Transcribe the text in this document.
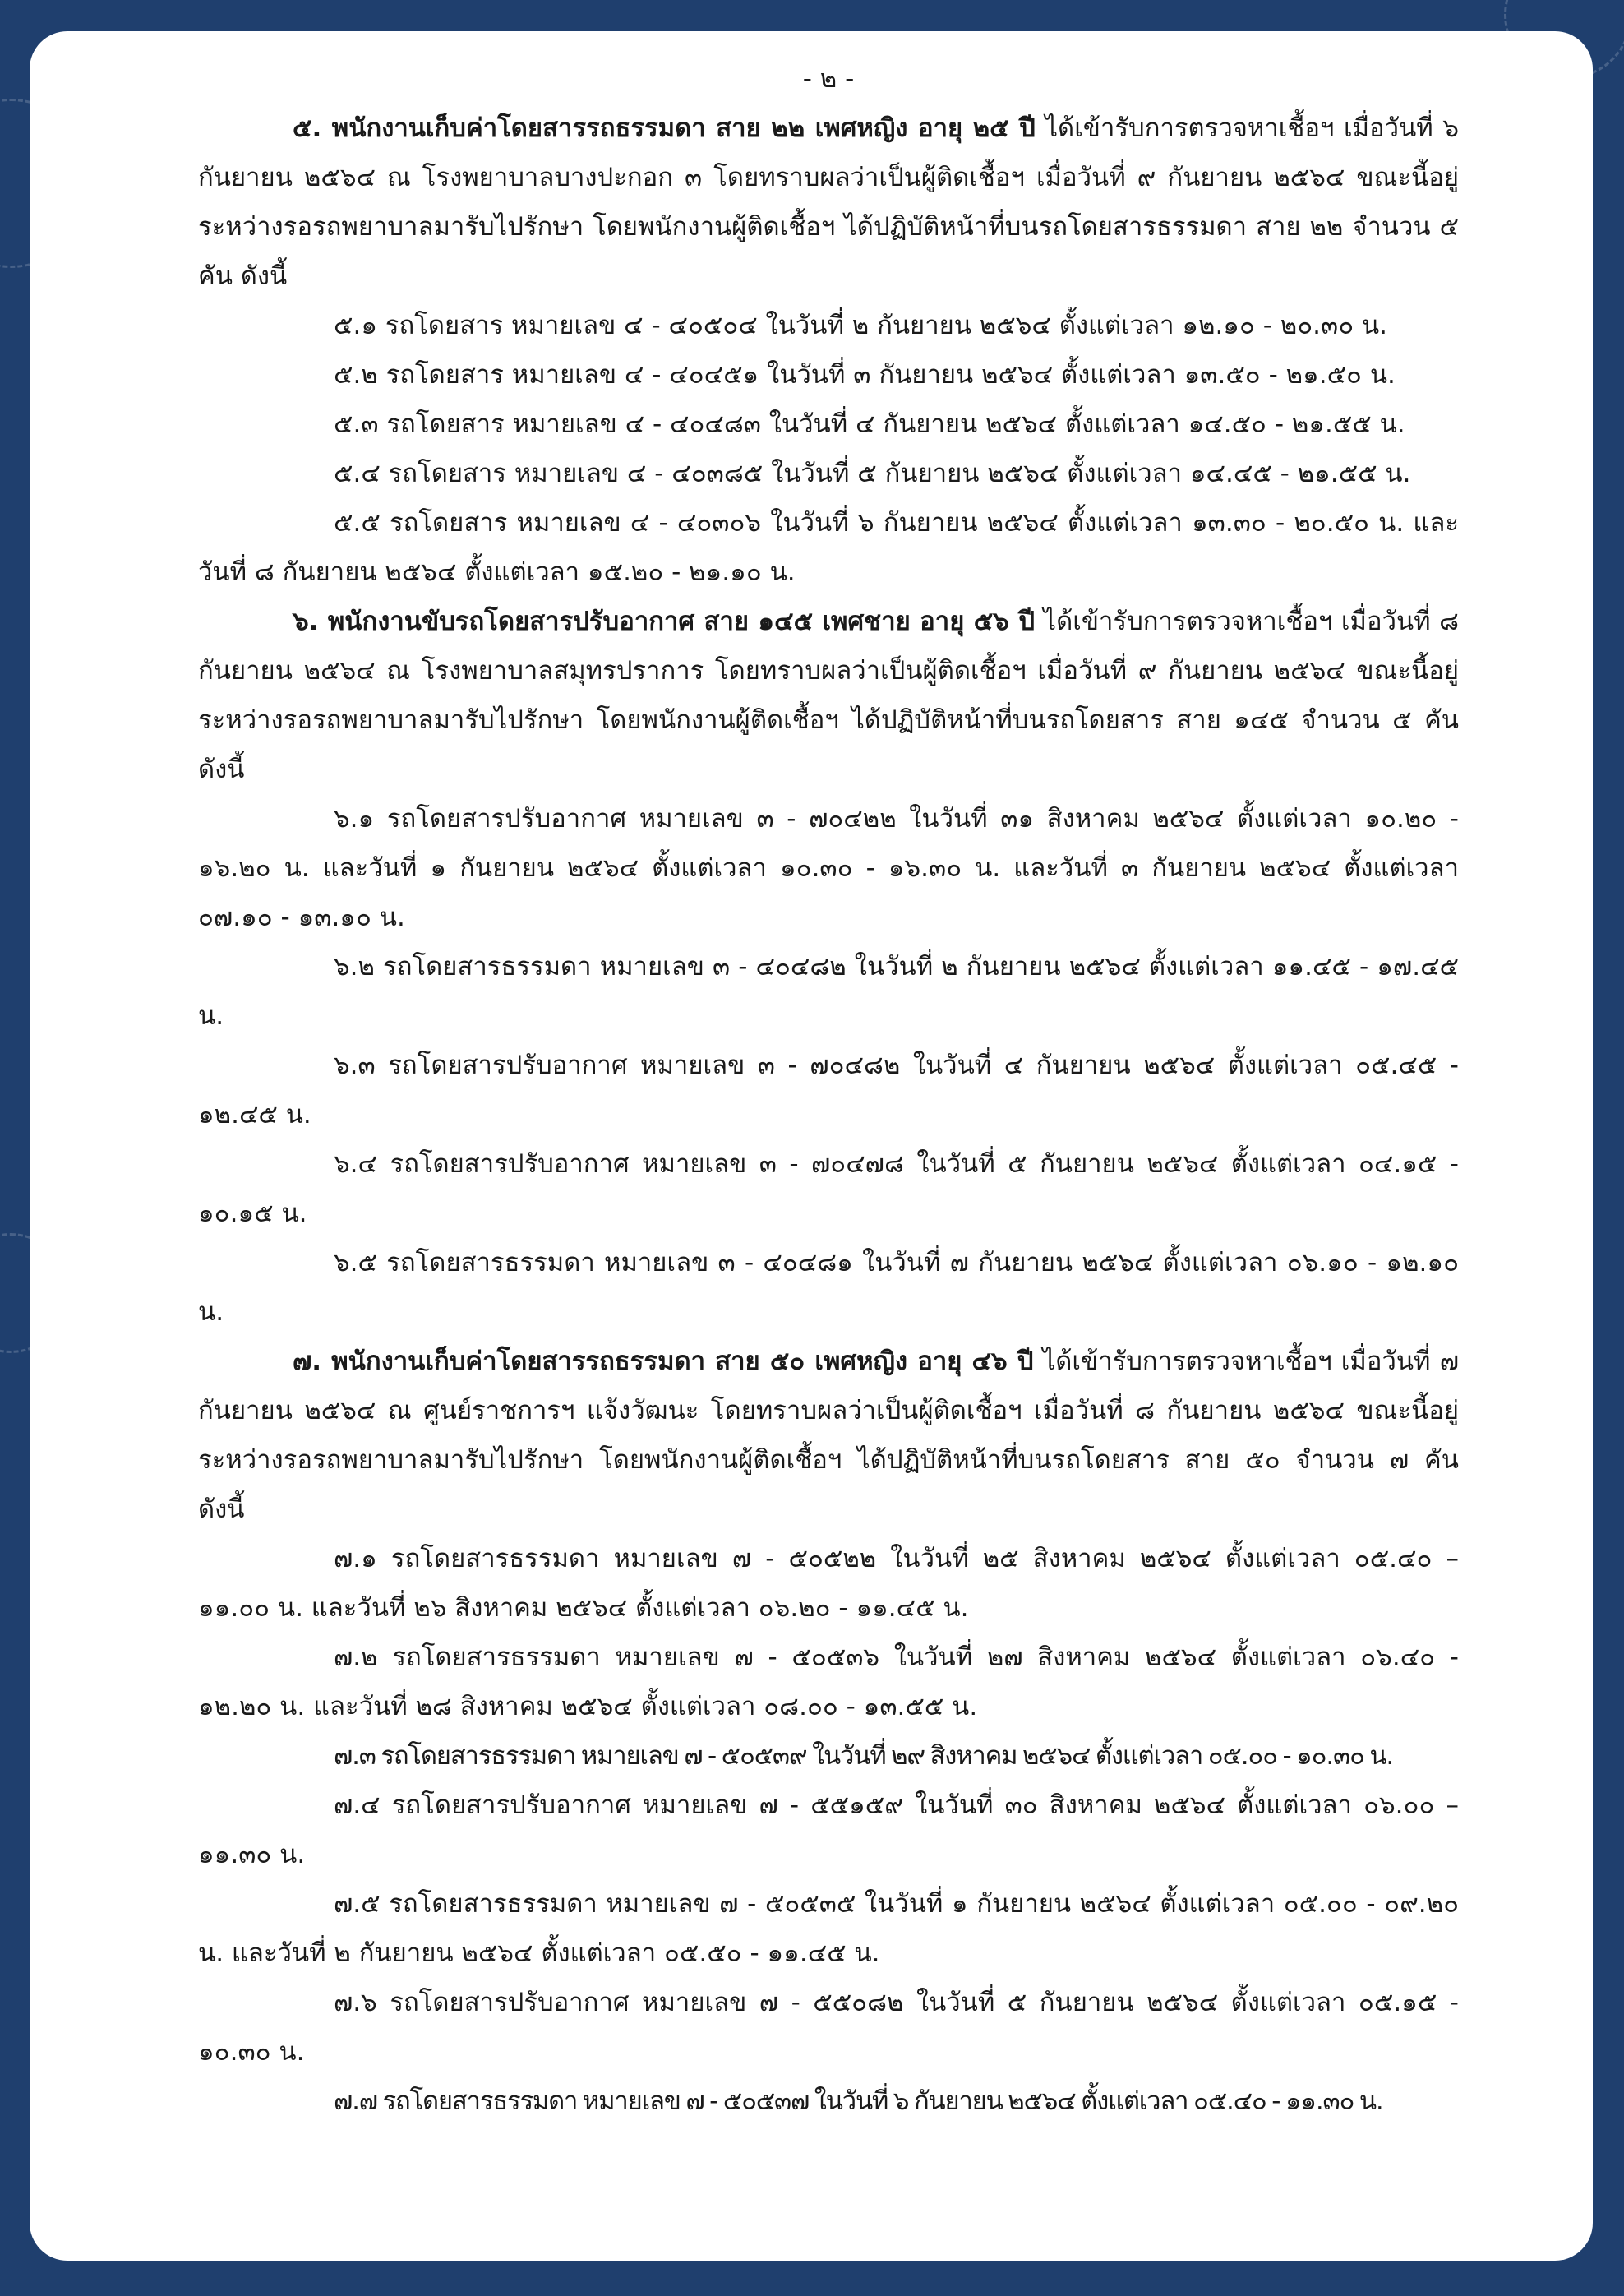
- ๒ -
๕. พนักงานเก็บค่าโดยสารรถธรรมดา สาย ๒๒ เพศหญิง อายุ ๒๕ ปี ได้เข้ารับการตรวจหาเชื้อฯ เมื่อวันที่ ๖ กันยายน ๒๕๖๔ ณ โรงพยาบาลบางปะกอก ๓ โดยทราบผลว่าเป็นผู้ติดเชื้อฯ เมื่อวันที่ ๙ กันยายน ๒๕๖๔ ขณะนี้อยู่ระหว่างรอรถพยาบาลมารับไปรักษา โดยพนักงานผู้ติดเชื้อฯ ได้ปฏิบัติหน้าที่บนรถโดยสารธรรมดา สาย ๒๒ จำนวน ๕ คัน ดังนี้
๕.๑ รถโดยสาร หมายเลข ๔ - ๔๐๕๐๔ ในวันที่ ๒ กันยายน ๒๕๖๔ ตั้งแต่เวลา ๑๒.๑๐ - ๒๐.๓๐ น.
๕.๒ รถโดยสาร หมายเลข ๔ - ๔๐๔๕๑ ในวันที่ ๓ กันยายน ๒๕๖๔ ตั้งแต่เวลา ๑๓.๕๐ - ๒๑.๕๐ น.
๕.๓ รถโดยสาร หมายเลข ๔ - ๔๐๔๘๓ ในวันที่ ๔ กันยายน ๒๕๖๔ ตั้งแต่เวลา ๑๔.๕๐ - ๒๑.๕๕ น.
๕.๔ รถโดยสาร หมายเลข ๔ - ๔๐๓๘๕ ในวันที่ ๕ กันยายน ๒๕๖๔ ตั้งแต่เวลา ๑๔.๔๕ - ๒๑.๕๕ น.
๕.๕ รถโดยสาร หมายเลข ๔ - ๔๐๓๐๖ ในวันที่ ๖ กันยายน ๒๕๖๔ ตั้งแต่เวลา ๑๓.๓๐ - ๒๐.๕๐ น. และวันที่ ๘ กันยายน ๒๕๖๔ ตั้งแต่เวลา ๑๕.๒๐ - ๒๑.๑๐ น.
๖. พนักงานขับรถโดยสารปรับอากาศ สาย ๑๔๕ เพศชาย อายุ ๕๖ ปี ได้เข้ารับการตรวจหาเชื้อฯ เมื่อวันที่ ๘ กันยายน ๒๕๖๔ ณ โรงพยาบาลสมุทรปราการ โดยทราบผลว่าเป็นผู้ติดเชื้อฯ เมื่อวันที่ ๙ กันยายน ๒๕๖๔ ขณะนี้อยู่ระหว่างรอรถพยาบาลมารับไปรักษา โดยพนักงานผู้ติดเชื้อฯ ได้ปฏิบัติหน้าที่บนรถโดยสาร สาย ๑๔๕ จำนวน ๕ คัน ดังนี้
๖.๑ รถโดยสารปรับอากาศ หมายเลข ๓ - ๗๐๔๒๒ ในวันที่ ๓๑ สิงหาคม ๒๕๖๔ ตั้งแต่เวลา ๑๐.๒๐ - ๑๖.๒๐ น. และวันที่ ๑ กันยายน ๒๕๖๔ ตั้งแต่เวลา ๑๐.๓๐ - ๑๖.๓๐ น. และวันที่ ๓ กันยายน ๒๕๖๔ ตั้งแต่เวลา ๐๗.๑๐ - ๑๓.๑๐ น.
๖.๒ รถโดยสารธรรมดา หมายเลข ๓ - ๔๐๔๘๒ ในวันที่ ๒ กันยายน ๒๕๖๔ ตั้งแต่เวลา ๑๑.๔๕ - ๑๗.๔๕ น.
๖.๓ รถโดยสารปรับอากาศ หมายเลข ๓ - ๗๐๔๘๒ ในวันที่ ๔ กันยายน ๒๕๖๔ ตั้งแต่เวลา ๐๕.๔๕ - ๑๒.๔๕ น.
๖.๔ รถโดยสารปรับอากาศ หมายเลข ๓ - ๗๐๔๗๘ ในวันที่ ๕ กันยายน ๒๕๖๔ ตั้งแต่เวลา ๐๔.๑๕ - ๑๐.๑๕ น.
๖.๕ รถโดยสารธรรมดา หมายเลข ๓ - ๔๐๔๘๑ ในวันที่ ๗ กันยายน ๒๕๖๔ ตั้งแต่เวลา ๐๖.๑๐ - ๑๒.๑๐ น.
๗. พนักงานเก็บค่าโดยสารรถธรรมดา สาย ๕๐ เพศหญิง อายุ ๔๖ ปี ได้เข้ารับการตรวจหาเชื้อฯ เมื่อวันที่ ๗ กันยายน ๒๕๖๔ ณ ศูนย์ราชการฯ แจ้งวัฒนะ โดยทราบผลว่าเป็นผู้ติดเชื้อฯ เมื่อวันที่ ๘ กันยายน ๒๕๖๔ ขณะนี้อยู่ระหว่างรอรถพยาบาลมารับไปรักษา โดยพนักงานผู้ติดเชื้อฯ ได้ปฏิบัติหน้าที่บนรถโดยสาร สาย ๕๐ จำนวน ๗ คัน ดังนี้
๗.๑ รถโดยสารธรรมดา หมายเลข ๗ - ๕๐๕๒๒ ในวันที่ ๒๕ สิงหาคม ๒๕๖๔ ตั้งแต่เวลา ๐๕.๔๐ – ๑๑.๐๐ น. และวันที่ ๒๖ สิงหาคม ๒๕๖๔ ตั้งแต่เวลา ๐๖.๒๐ - ๑๑.๔๕ น.
๗.๒ รถโดยสารธรรมดา หมายเลข ๗ - ๕๐๕๓๖ ในวันที่ ๒๗ สิงหาคม ๒๕๖๔ ตั้งแต่เวลา ๐๖.๔๐ - ๑๒.๒๐ น. และวันที่ ๒๘ สิงหาคม ๒๕๖๔ ตั้งแต่เวลา ๐๘.๐๐ - ๑๓.๕๕ น.
๗.๓ รถโดยสารธรรมดา หมายเลข ๗ - ๕๐๕๓๙ ในวันที่ ๒๙ สิงหาคม ๒๕๖๔ ตั้งแต่เวลา ๐๕.๐๐ - ๑๐.๓๐ น.
๗.๔ รถโดยสารปรับอากาศ หมายเลข ๗ - ๕๕๑๕๙ ในวันที่ ๓๐ สิงหาคม ๒๕๖๔ ตั้งแต่เวลา ๐๖.๐๐ – ๑๑.๓๐ น.
๗.๕ รถโดยสารธรรมดา หมายเลข ๗ - ๕๐๕๓๕ ในวันที่ ๑ กันยายน ๒๕๖๔ ตั้งแต่เวลา ๐๕.๐๐ - ๐๙.๒๐ น. และวันที่ ๒ กันยายน ๒๕๖๔ ตั้งแต่เวลา ๐๕.๕๐ - ๑๑.๔๕ น.
๗.๖ รถโดยสารปรับอากาศ หมายเลข ๗ - ๕๕๐๘๒ ในวันที่ ๕ กันยายน ๒๕๖๔ ตั้งแต่เวลา ๐๕.๑๕ - ๑๐.๓๐ น.
๗.๗ รถโดยสารธรรมดา หมายเลข ๗ - ๕๐๕๓๗ ในวันที่ ๖ กันยายน ๒๕๖๔ ตั้งแต่เวลา ๐๕.๔๐ - ๑๑.๓๐ น.
